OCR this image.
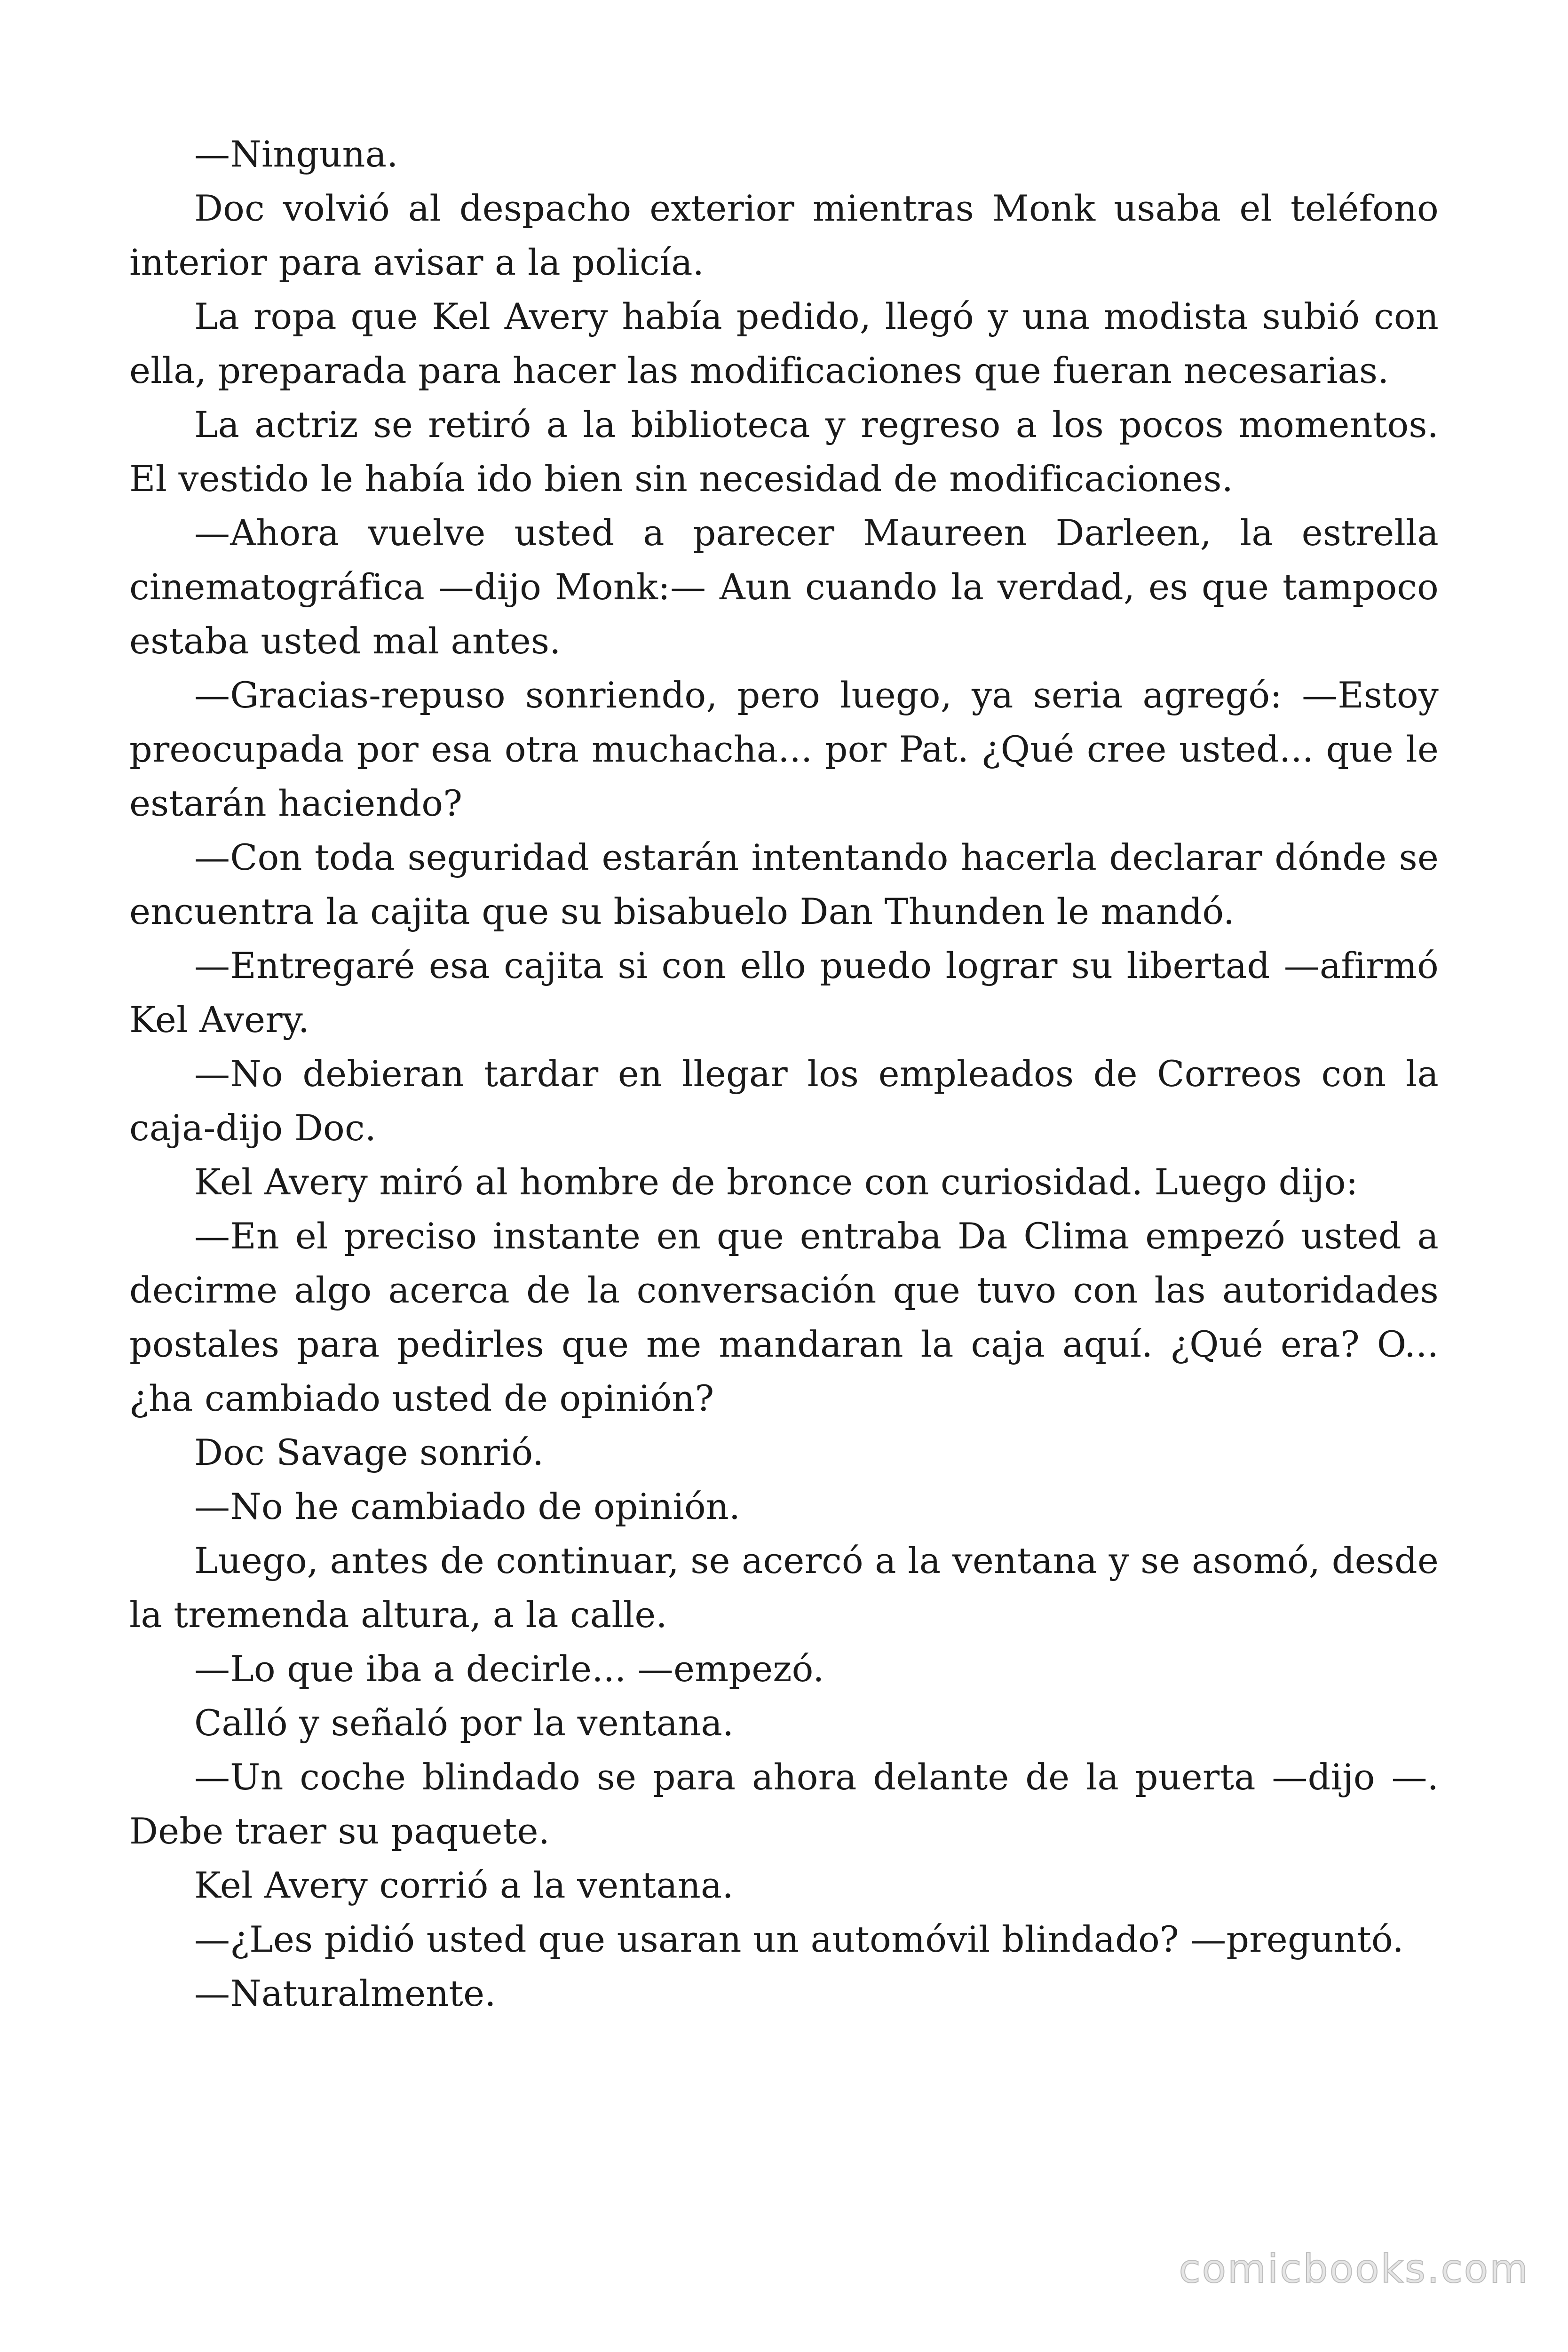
—Ninguna.

Doc volvió al despacho exterior mientras Monk usaba el teléfono interior para avisar a la policía.

La ropa que Kel Avery había pedido, llegó y una modista subió con ella, preparada para hacer las modificaciones que fueran necesarias.

La actriz se retiró a la biblioteca y regreso a los pocos momentos. El vestido le había ido bien sin necesidad de modificaciones.

—Ahora vuelve usted a parecer Maureen Darleen, la estrella cinematográfica —dijo Monk:— Aun cuando la verdad, es que tampoco estaba usted mal antes.

—Gracias-repuso sonriendo, pero luego, ya seria agregó: —Estoy preocupada por esa otra muchacha... por Pat. ¿Qué cree usted... que le estarán haciendo?

—Con toda seguridad estarán intentando hacerla declarar dónde se encuentra la cajita que su bisabuelo Dan Thunden le mandó.

—Entregaré esa cajita si con ello puedo lograr su libertad —afirmó Kel Avery.

—No debieran tardar en llegar los empleados de Correos con la caja-dijo Doc.

Kel Avery miró al hombre de bronce con curiosidad. Luego dijo:

—En el preciso instante en que entraba Da Clima empezó usted a decirme algo acerca de la conversación que tuvo con las autoridades postales para pedirles que me mandaran la caja aquí. ¿Qué era? O... ¿ha cambiado usted de opinión?

Doc Savage sonrió.

—No he cambiado de opinión.

Luego, antes de continuar, se acercó a la ventana y se asomó, desde la tremenda altura, a la calle.

—Lo que iba a decirle... —empezó.

Calló y señaló por la ventana.

—Un coche blindado se para ahora delante de la puerta —dijo —. Debe traer su paquete.

Kel Avery corrió a la ventana.

—¿Les pidió usted que usaran un automóvil blindado? —preguntó.

—Naturalmente.

comicbooks.com
